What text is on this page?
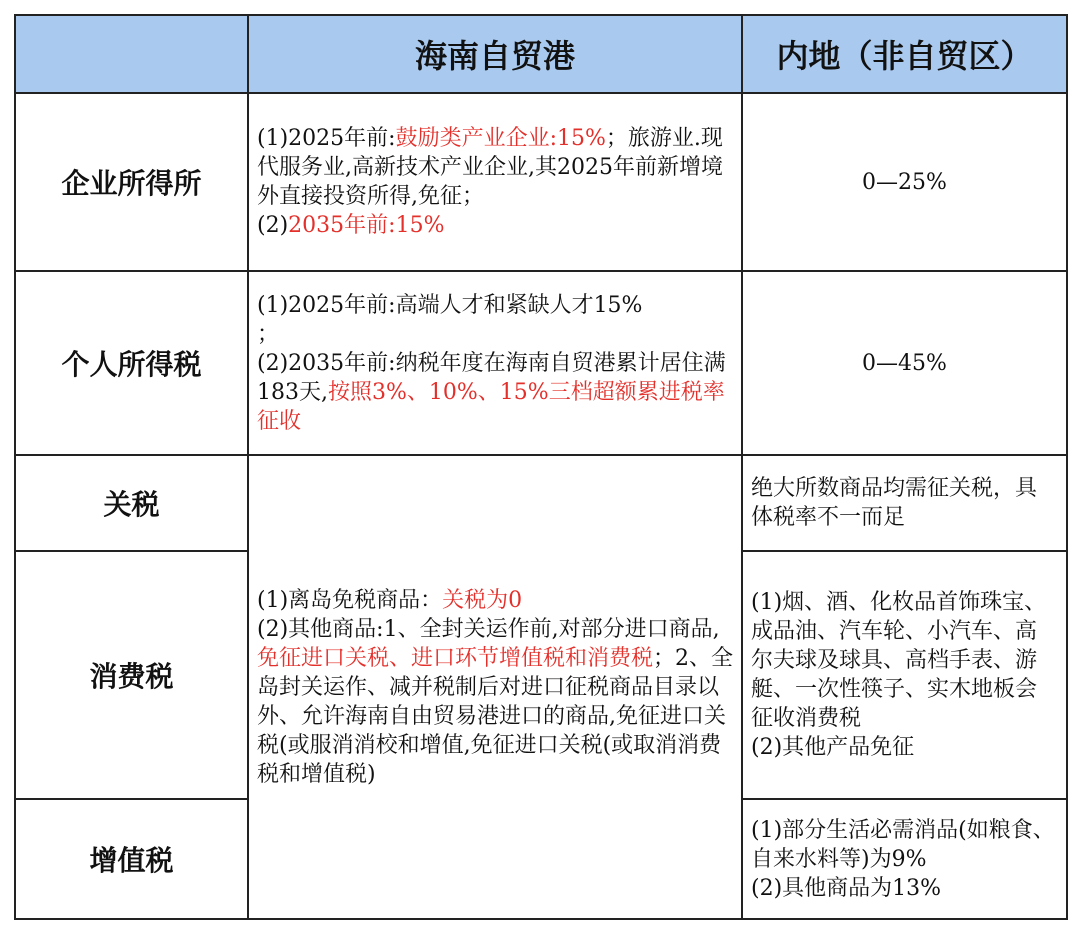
	海南自贸港	内地（非自贸区）
企业所得所	(1)2025年前:鼓励类产业企业:15%；旅游业.现代服务业,高新技术产业企业,其2025年前新增境外直接投资所得,免征；
(2)2035年前:15%	0—25%
个人所得税	(1)2025年前:高端人才和紧缺人才15%
；
(2)2035年前:纳税年度在海南自贸港累计居住满183天,按照3%、10%、15%三档超额累进税率征收	0—45%
关税	(1)离岛免税商品：关税为0
(2)其他商品:1、全封关运作前,对部分进口商品,免征进口关税、进口环节增值税和消费税；2、全岛封关运作、减并税制后对进口征税商品目录以外、允许海南自由贸易港进口的商品,免征进口关税(或服消消校和增值,免征进口关税(或取消消费税和增值税)	绝大所数商品均需征关税，具体税率不一而足
消费税		(1)烟、酒、化枚品首饰珠宝、成品油、汽车轮、小汽车、高尔夫球及球具、高档手表、游艇、一次性筷子、实木地板会征收消费税
(2)其他产品免征

增值税		(1)部分生活必需消品(如粮食、自来水料等)为9%
(2)具他商品为13%
